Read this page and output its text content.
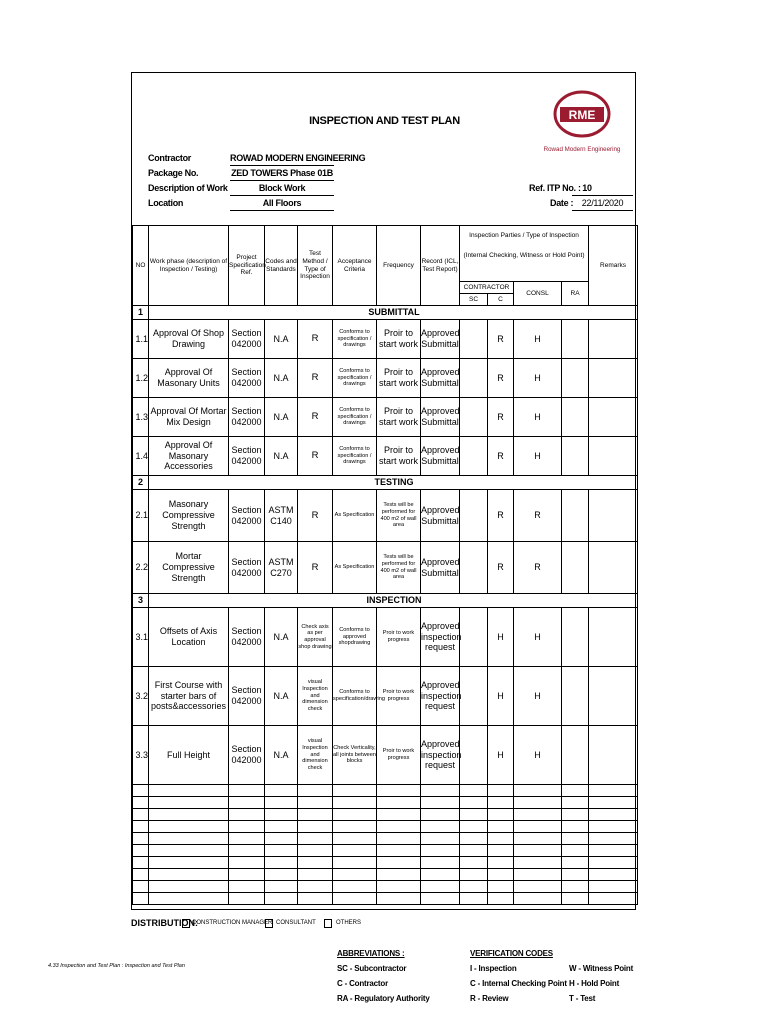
INSPECTION AND TEST PLAN	RME
Rowad Modern Engineering
Contractor	ROWAD MODERN ENGINEERING
Package No.	ZED TOWERS Phase 01B
Description of Work	Block Work
Location	All Floors
Ref. ITP No. : 10
Date : 22/11/2020
NO	Work phase (description of Inspection / Testing)	Project Specification Ref.	Codes and Standards	Test Method / Type of Inspection	Acceptance Criteria	Frequency	Record (ICL, Test Report)	Inspection Parties / Type of Inspection
(Internal Checking, Witness or Hold Point)				Remarks
								CONTRACTOR		CONSL	RA	
								SC	C			
1	SUBMITTAL											
1.1	Approval Of Shop Drawing	Section 042000	N.A	R	Conforms to specification / drawings	Proir to start work	Approved Submittal		R	H		
1.2	Approval Of Masonary Units	Section 042000	N.A	R	Conforms to specification / drawings	Proir to start work	Approved Submittal		R	H		
1.3	Approval Of Mortar Mix Design	Section 042000	N.A	R	Conforms to specification / drawings	Proir to start work	Approved Submittal		R	H		
1.4	Approval Of Masonary Accessories	Section 042000	N.A	R	Conforms to specification / drawings	Proir to start work	Approved Submittal		R	H		
2	TESTING											
2.1	Masonary Compressive Strength	Section 042000	ASTM C140	R	As Specification	Tests will be performed for 400 m2 of wall area	Approved Submittal		R	R		
2.2	Mortar Compressive Strength	Section 042000	ASTM C270	R	As Specification	Tests will be performed for 400 m2 of wall area	Approved Submittal		R	R		
3	INSPECTION											
3.1	Offsets of Axis Location	Section 042000	N.A	Check axis as per approval shop drawing	Conforms to approved shopdrawing	Proir to work progress	Approved inspection request		H	H		
3.2	First Course with starter bars of posts&accessories	Section 042000	N.A	visual Inspection and dimension check	Conforms to specification/drawing	Proir to work progress	Approved inspection request		H	H		
3.3	Full Height	Section 042000	N.A	visual Inspection and dimension check	Check Verticality, all joints between blocks	Proir to work progress	Approved inspection request		H	H		

DISTRIBUTION:
CONSTRUCTION MANAGER CONSULTANT	OTHERS
4.33 Inspection and Test Plan : Inspection and Test Plan
ABBREVIATIONS :
SC - Subcontractor
C - Contractor
RA - Regulatory Authority
VERIFICATION CODES
I - Inspection
C - Internal Checking Point
R - Review
W - Witness Point
H - Hold Point
T - Test
